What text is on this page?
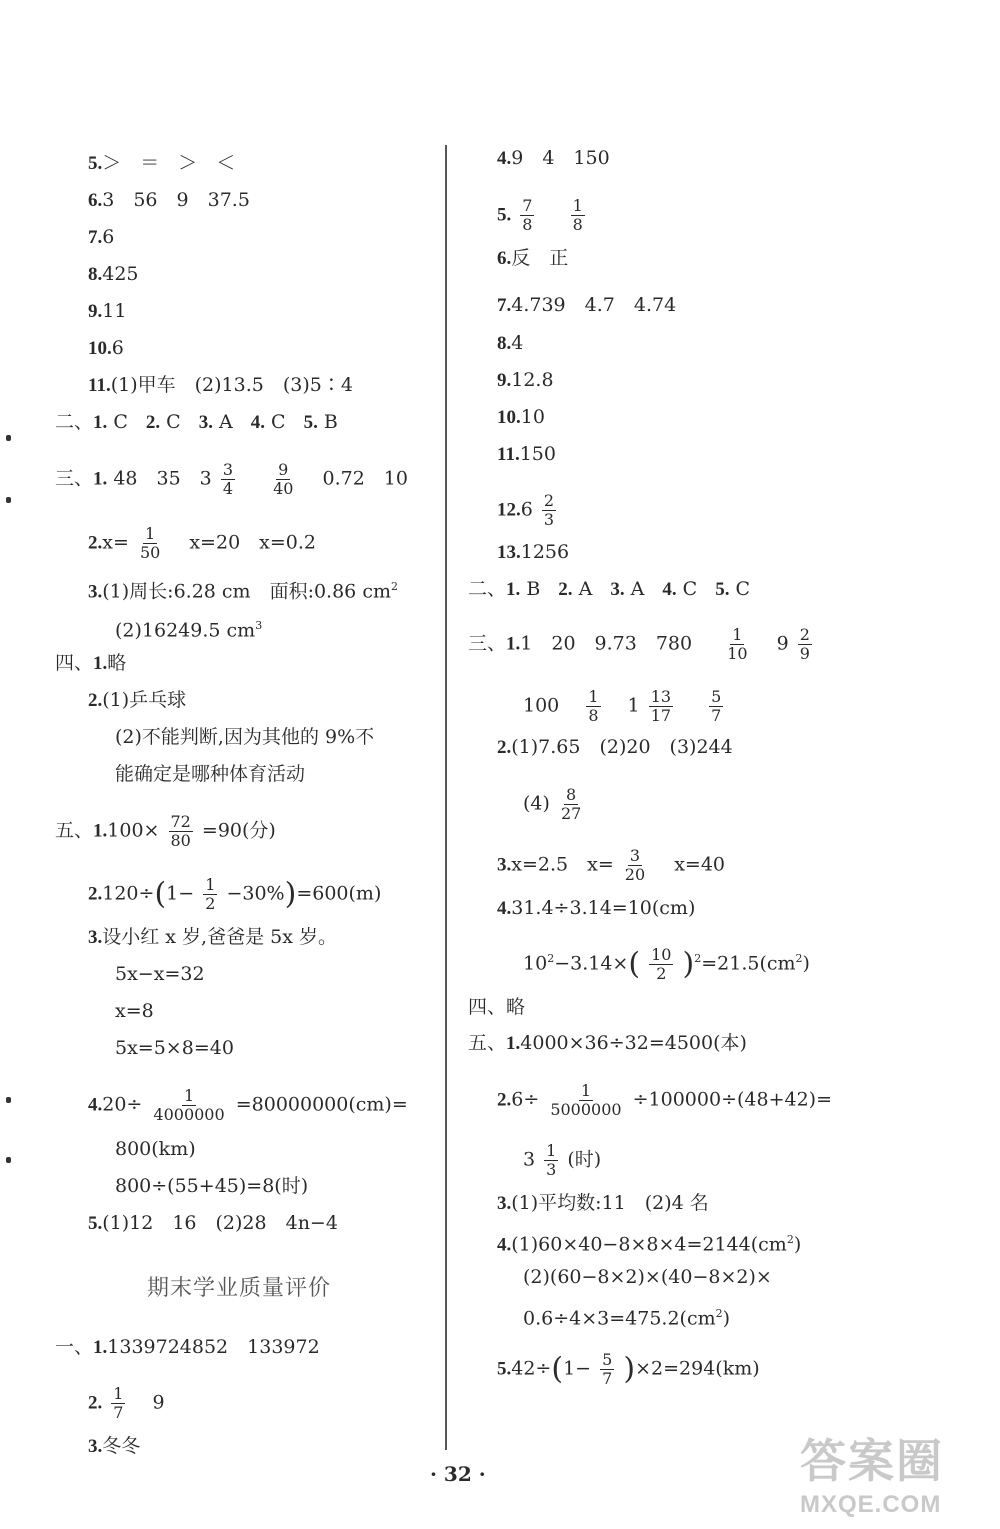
5.＞　＝　＞　＜
6.3　56　9　37.5
7.6
8.425
9.11
10.6
11.(1)甲车　(2)13.5　(3)5∶4
二、1. C 2. C 3. A 4. C 5. B
三、1. 48　35　$3 \frac{3}{4}$
$\frac{9}{40} 0.72$　10
$2.x= \frac{1}{50} x=20$　x=0.2
3.(1)周长:6.28 cm　面积:0.86 $cm^2$
(2)16249.5 $cm^3$
四、1.略
2.(1)乒乓球
(2)不能判断,因为其他的 9%不
能确定是哪种体育活动
五、$1.100\times \frac{72}{80} =90$(分)
$2.120\div(1- \frac{1}{2} -30\%)=600(m)$
3.设小红 x 岁,爸爸是 5x 岁。
5x−x=32
x=8
5x=5×8=40
$4.20\div \frac{1}{4000000} =80000000(cm)=$
800(km)
800÷(55+45)=8(时)
5.(1)12　16　(2)28　4n−4
期末学业质量评价
一、1.1339724852　133972
2. $\frac{1}{7} 9$
3.冬冬
4.9　4　150
5. $\frac{7}{8}$
$\frac{1}{8}$
6.反　正
7.4.739　4.7　4.74
8.4
9.12.8
10.10
11.150
$12.6 \frac{2}{3}$
13.1256
二、1. B 2. A 3. A 4. C 5. C
三、1.1　20　9.73　$780 \frac{1}{10} 9 \frac{2}{9}$
$100 \frac{1}{8} 1 \frac{13}{17}$
$\frac{5}{7}$
2.(1)7.65　(2)20　(3)244
$(4) \frac{8}{27}$
3.x=2.5　$x= \frac{3}{20} x=40$
4.31.4÷3.14=10(cm)
$10^2-3.14\times( \frac{10}{2} )^2=21.5(cm^2)$
四、略
五、1.4000×36÷32=4500(本)
$2.6\div \frac{1}{5000000} \div 100000\div(48+42)=$
$3 \frac{1}{3}$ (时)
3.(1)平均数:11　(2)4 名
$4.(1)60\times 40-8\times 8\times 4=2144(cm^2)$
(2)(60−8×2)×(40−8×2)×
$0.6\div 4\times 3=475.2(cm^2)$
$5.42\div(1- \frac{5}{7} )\times 2=294(km)$
· 32 ·	答案圈
MXQE.COM
